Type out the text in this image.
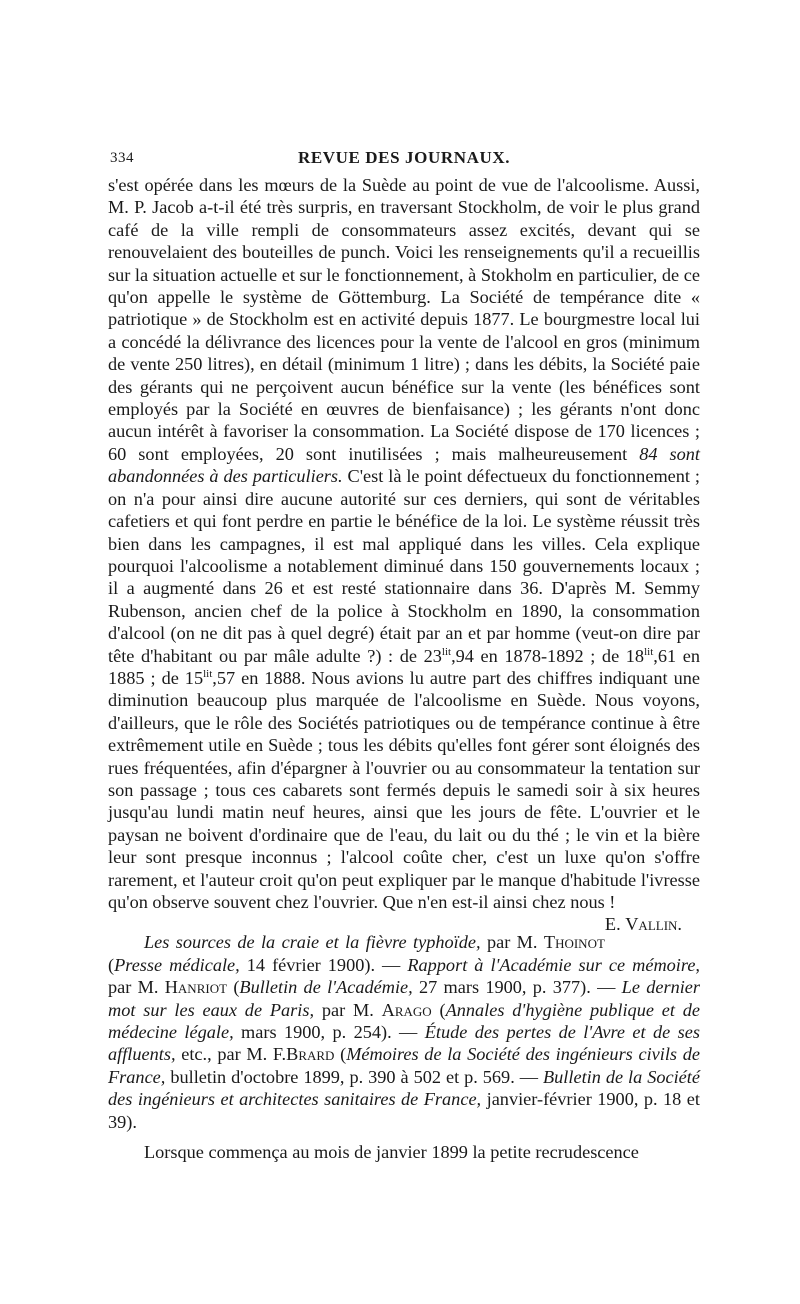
334	REVUE DES JOURNAUX.

s'est opérée dans les mœurs de la Suède au point de vue de l'alcoolisme. Aussi, M. P. Jacob a-t-il été très surpris, en traversant Stockholm, de voir le plus grand café de la ville rempli de consommateurs assez excités, devant qui se renouvelaient des bouteilles de punch. Voici les renseignements qu'il a recueillis sur la situation actuelle et sur le fonctionnement, à Stokholm en particulier, de ce qu'on appelle le système de Göttemburg. La Société de tempérance dite « patriotique » de Stockholm est en activité depuis 1877. Le bourgmestre local lui a concédé la délivrance des licences pour la vente de l'alcool en gros (minimum de vente 250 litres), en détail (minimum 1 litre) ; dans les débits, la Société paie des gérants qui ne perçoivent aucun bénéfice sur la vente (les bénéfices sont employés par la Société en œuvres de bienfaisance) ; les gérants n'ont donc aucun intérêt à favoriser la consommation. La Société dispose de 170 licences ; 60 sont employées, 20 sont inutilisées ; mais malheureusement 84 sont abandonnées à des particuliers. C'est là le point défectueux du fonctionnement ; on n'a pour ainsi dire aucune autorité sur ces derniers, qui sont de véritables cafetiers et qui font perdre en partie le bénéfice de la loi. Le système réussit très bien dans les campagnes, il est mal appliqué dans les villes. Cela explique pourquoi l'alcoolisme a notablement diminué dans 150 gouvernements locaux ; il a augmenté dans 26 et est resté stationnaire dans 36. D'après M. Semmy Rubenson, ancien chef de la police à Stockholm en 1890, la consommation d'alcool (on ne dit pas à quel degré) était par an et par homme (veut-on dire par tête d'habitant ou par mâle adulte ?) : de $23^{lit},94$ en 1878-1892 ; de $18^{lit},61$ en 1885 ; de $15^{lit},57$ en 1888. Nous avions lu autre part des chiffres indiquant une diminution beaucoup plus marquée de l'alcoolisme en Suède. Nous voyons, d'ailleurs, que le rôle des Sociétés patriotiques ou de tempérance continue à être extrêmement utile en Suède ; tous les débits qu'elles font gérer sont éloignés des rues fréquentées, afin d'épargner à l'ouvrier ou au consommateur la tentation sur son passage ; tous ces cabarets sont fermés depuis le samedi soir à six heures jusqu'au lundi matin neuf heures, ainsi que les jours de fête. L'ouvrier et le paysan ne boivent d'ordinaire que de l'eau, du lait ou du thé ; le vin et la bière leur sont presque inconnus ; l'alcool coûte cher, c'est un luxe qu'on s'offre rarement, et l'auteur croit qu'on peut expliquer par le manque d'habitude l'ivresse qu'on observe souvent chez l'ouvrier. Que n'en est-il ainsi chez nous !
E. Vallin.

Les sources de la craie et la fièvre typhoïde, par M. Thoinot (Presse médicale, 14 février 1900). — Rapport à l'Académie sur ce mémoire, par M. Hanriot (Bulletin de l'Académie, 27 mars 1900, p. 377). — Le dernier mot sur les eaux de Paris, par M. Arago (Annales d'hygiène publique et de médecine légale, mars 1900, p. 254). — Étude des pertes de l'Avre et de ses affluents, etc., par M. F.Brard (Mémoires de la Société des ingénieurs civils de France, bulletin d'octobre 1899, p. 390 à 502 et p. 569. — Bulletin de la Société des ingénieurs et architectes sanitaires de France, janvier-février 1900, p. 18 et 39).

Lorsque commença au mois de janvier 1899 la petite recrudescence
